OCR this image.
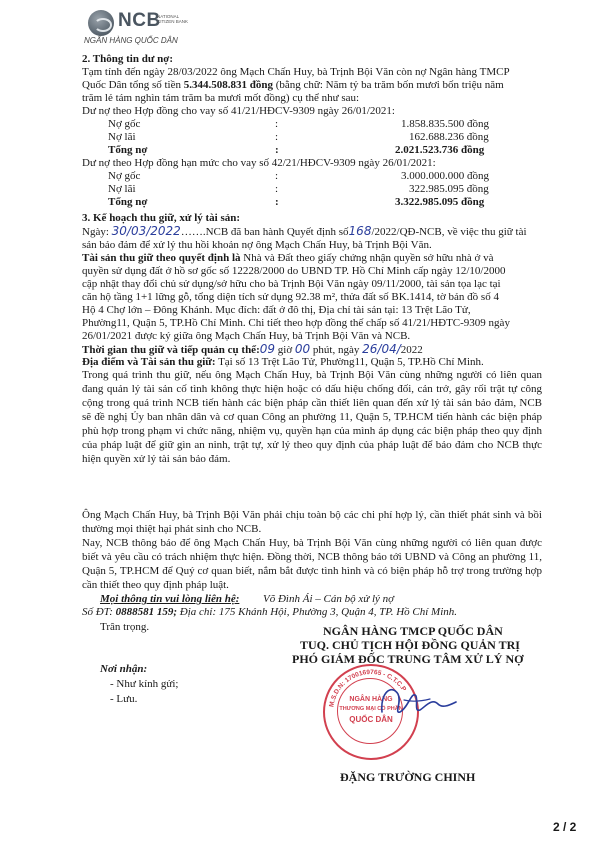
NCB
NATIONAL CITIZEN BANK
NGÂN HÀNG QUỐC DÂN
2. Thông tin dư nợ:
Tạm tính đến ngày 28/03/2022 ông Mạch Chấn Huy, bà Trịnh Bội Văn còn nợ Ngân hàng TMCP
Quốc Dân tổng số tiền 5.344.508.831 đồng (bằng chữ: Năm tỷ ba trăm bốn mươi bốn triệu năm
trăm lẻ tám nghìn tám trăm ba mươi mốt đồng) cụ thể như sau:
Dư nợ theo Hợp đồng cho vay số 41/21/HĐCV-9309 ngày 26/01/2021:
Nợ gốc	:	1.858.835.500 đồng
Nợ lãi	:	162.688.236 đồng
Tổng nợ	:	2.021.523.736 đồng
Dư nợ theo Hợp đồng hạn mức cho vay số 42/21/HĐCV-9309 ngày 26/01/2021:
Nợ gốc	:	3.000.000.000 đồng
Nợ lãi	:	322.985.095 đồng
Tổng nợ	:	3.322.985.095 đồng
3. Kế hoạch thu giữ, xử lý tài sản:
Ngày: 30/03/2022…….NCB đã ban hành Quyết định số168/2022/QĐ-NCB, về việc thu giữ tài
sản bảo đảm để xử lý thu hồi khoản nợ ông Mạch Chấn Huy, bà Trịnh Bội Văn.
Tài sản thu giữ theo quyết định là Nhà và Đất theo giấy chứng nhận quyền sở hữu nhà ở và
quyền sử dụng đất ở hồ sơ gốc số 12228/2000 do UBND TP. Hồ Chí Minh cấp ngày 12/10/2000
cập nhật thay đổi chủ sử dụng/sở hữu cho bà Trịnh Bội Văn ngày 09/11/2000, tài sản tọa lạc tại
căn hộ tầng 1+1 lững gỗ, tổng diện tích sử dụng 92.38 m², thửa đất số BK.1414, tờ bản đồ số 4
Hộ 4 Chợ lớn – Đông Khánh. Mục đích: đất ở đô thị, Địa chỉ tài sản tại: 13 Trệt Lão Tử,
Phường11, Quận 5, TP.Hồ Chí Minh. Chi tiết theo hợp đồng thế chấp số 41/21/HĐTC-9309 ngày
26/01/2021 được ký giữa ông Mạch Chấn Huy, bà Trịnh Bội Văn và NCB.
Thời gian thu giữ và tiếp quản cụ thể:09 giờ 00 phút, ngày 26/04/2022
Địa điểm và Tài sản thu giữ: Tại số 13 Trệt Lão Tử, Phường11, Quận 5, TP.Hồ Chí Minh.
Trong quá trình thu giữ, nếu ông Mạch Chấn Huy, bà Trịnh Bội Văn cùng những người có liên quan đang quản lý tài sản cố tình không thực hiện hoặc có dấu hiệu chống đối, cản trở, gây rối trật tự công cộng trong quá trình NCB tiến hành các biện pháp cần thiết liên quan đến xử lý tài sản bảo đảm, NCB sẽ đề nghị Ủy ban nhân dân và cơ quan Công an phường 11, Quận 5, TP.HCM tiến hành các biện pháp phù hợp trong phạm vi chức năng, nhiệm vụ, quyền hạn của mình áp dụng các biện pháp theo quy định của pháp luật để giữ gìn an ninh, trật tự, xử lý theo quy định của pháp luật để bảo đảm cho NCB thực hiện quyền xử lý tài sản bảo đảm.
Ông Mạch Chấn Huy, bà Trịnh Bội Văn phải chịu toàn bộ các chi phí hợp lý, cần thiết phát sinh và bồi thường mọi thiệt hại phát sinh cho NCB.
Nay, NCB thông báo để ông Mạch Chấn Huy, bà Trịnh Bội Văn cùng những người có liên quan được biết và yêu cầu có trách nhiệm thực hiện. Đồng thời, NCB thông báo tới UBND và Công an phường 11, Quận 5, TP.HCM để Quý cơ quan biết, nắm bắt được tình hình và có biện pháp hỗ trợ trong trường hợp cần thiết theo quy định pháp luật.
Mọi thông tin vui lòng liên hệ: Võ Đình Ái – Cán bộ xử lý nợ
Số ĐT: 0888581 159; Địa chỉ: 175 Khánh Hội, Phường 3, Quận 4, TP. Hồ Chí Minh.
Trân trọng.
Nơi nhận:
- Như kính gửi;
- Lưu.
NGÂN HÀNG TMCP QUỐC DÂN
TUQ. CHỦ TỊCH HỘI ĐỒNG QUẢN TRỊ
PHÓ GIÁM ĐỐC TRUNG TÂM XỬ LÝ NỢ
M.S.D.N: 1700169765 - C.T.C.P
NGÂN HÀNG
THƯƠNG MẠI CỔ PHẦN
QUỐC DÂN
ĐẶNG TRƯỜNG CHINH
2 / 2
